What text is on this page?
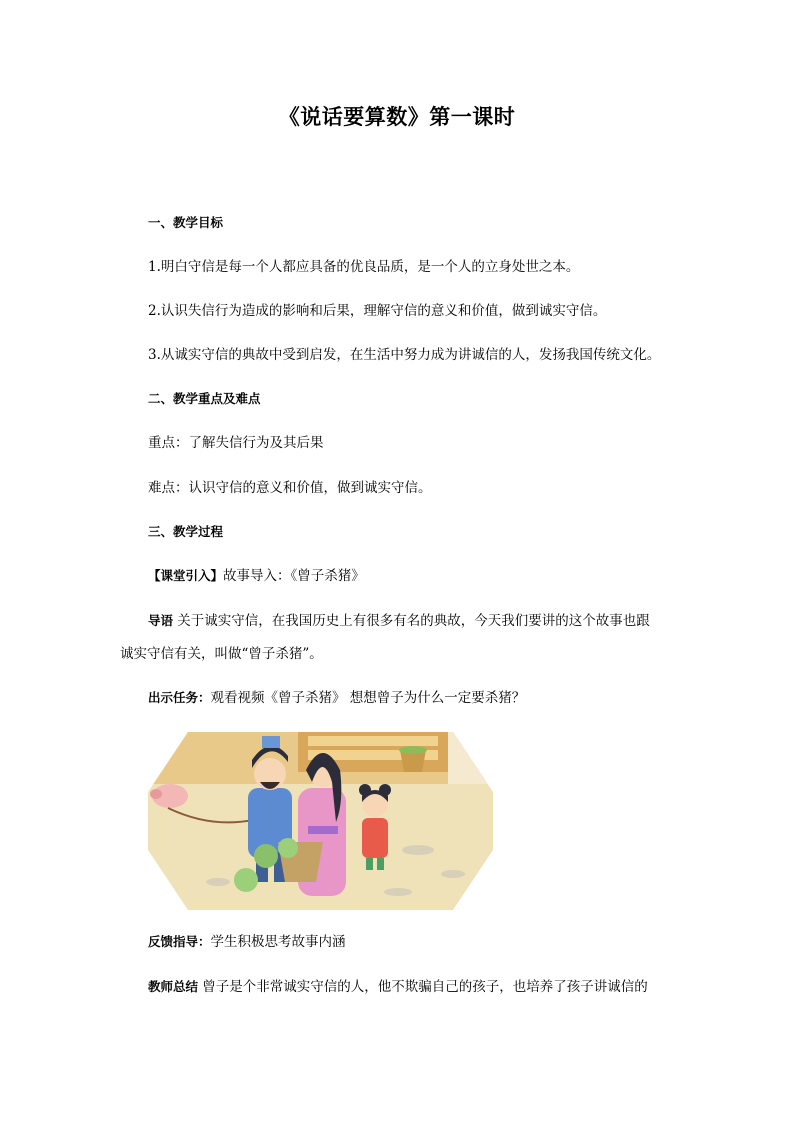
《说话要算数》第一课时
一、教学目标
1.明白守信是每一个人都应具备的优良品质，是一个人的立身处世之本。
2.认识失信行为造成的影响和后果，理解守信的意义和价值，做到诚实守信。
3.从诚实守信的典故中受到启发，在生活中努力成为讲诚信的人，发扬我国传统文化。
二、教学重点及难点
重点：了解失信行为及其后果
难点：认识守信的意义和价值，做到诚实守信。
三、教学过程
【课堂引入】故事导入：《曾子杀猪》
导语 关于诚实守信，在我国历史上有很多有名的典故，今天我们要讲的这个故事也跟
诚实守信有关，叫做“曾子杀猪”。
出示任务：观看视频《曾子杀猪》 想想曾子为什么一定要杀猪？
反馈指导：学生积极思考故事内涵
教师总结 曾子是个非常诚实守信的人，他不欺骗自己的孩子，也培养了孩子讲诚信的
